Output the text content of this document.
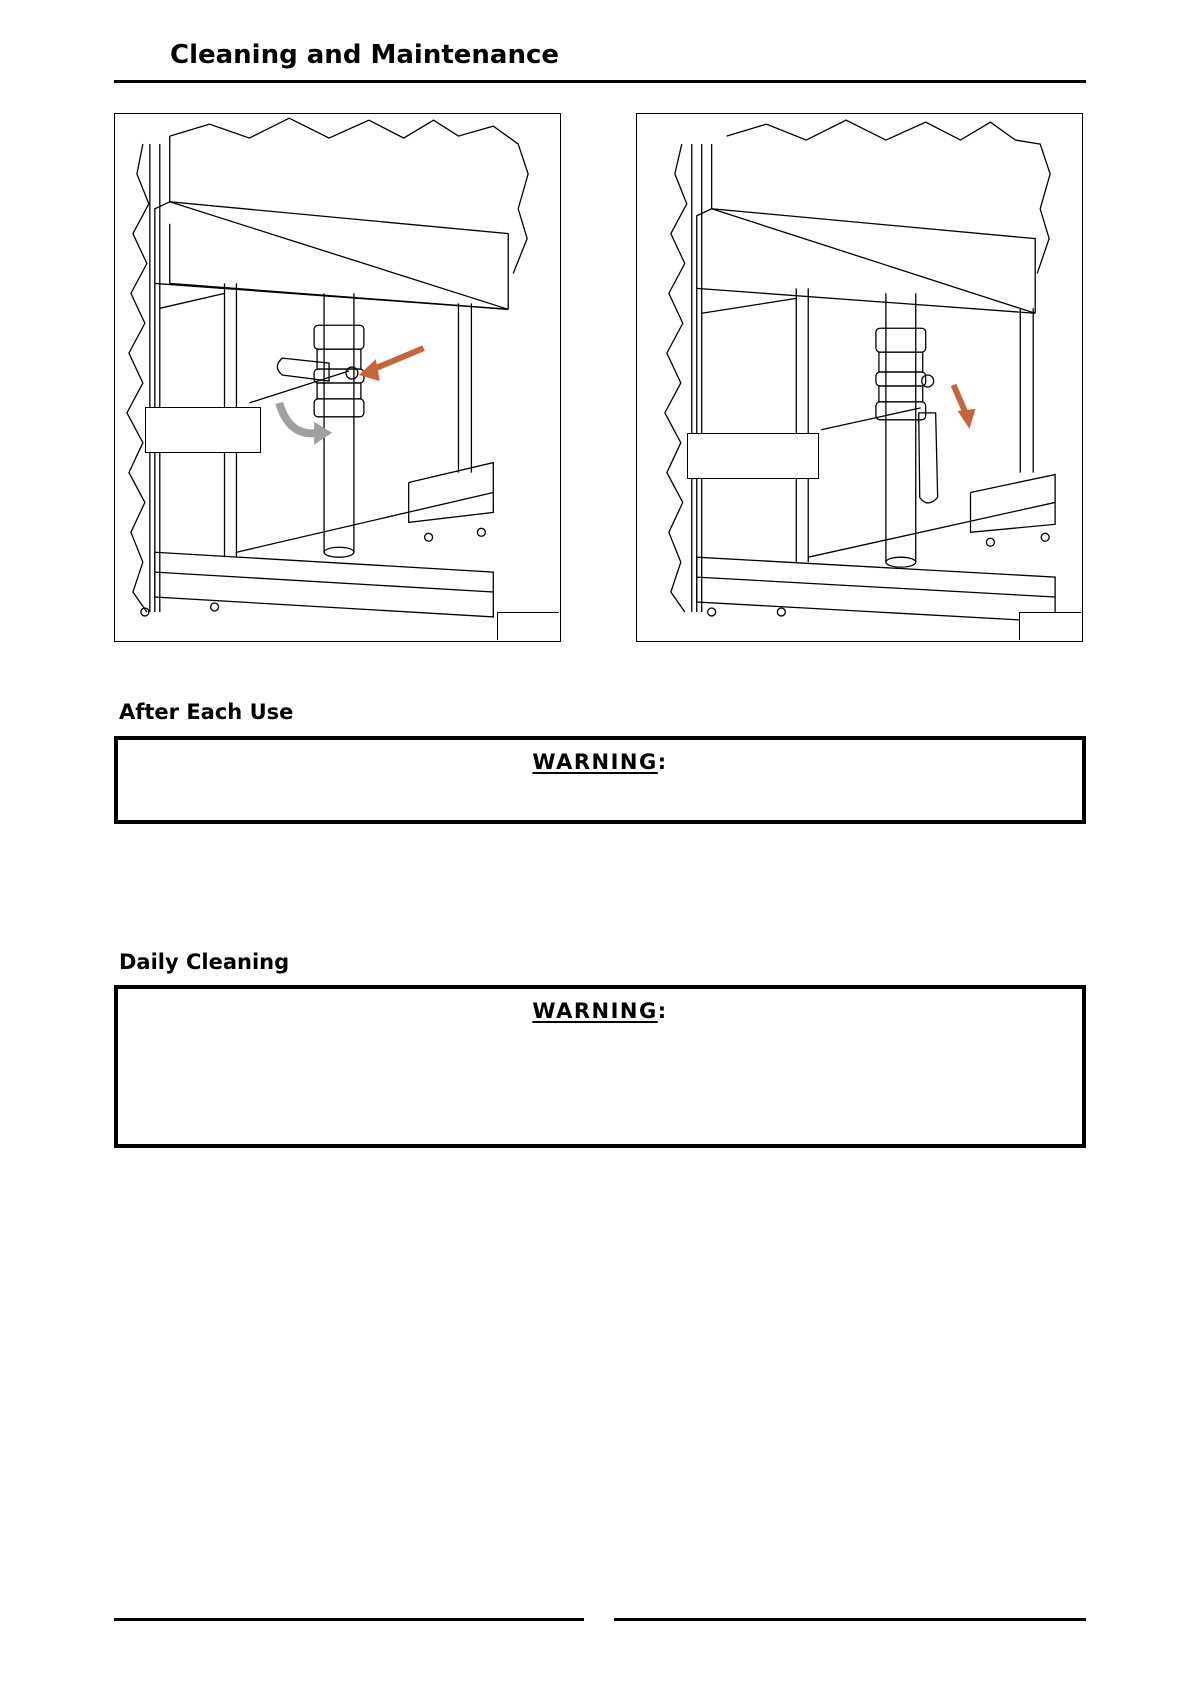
Cleaning and Maintenance
After Each Use
WARNING:
Daily Cleaning
WARNING:
